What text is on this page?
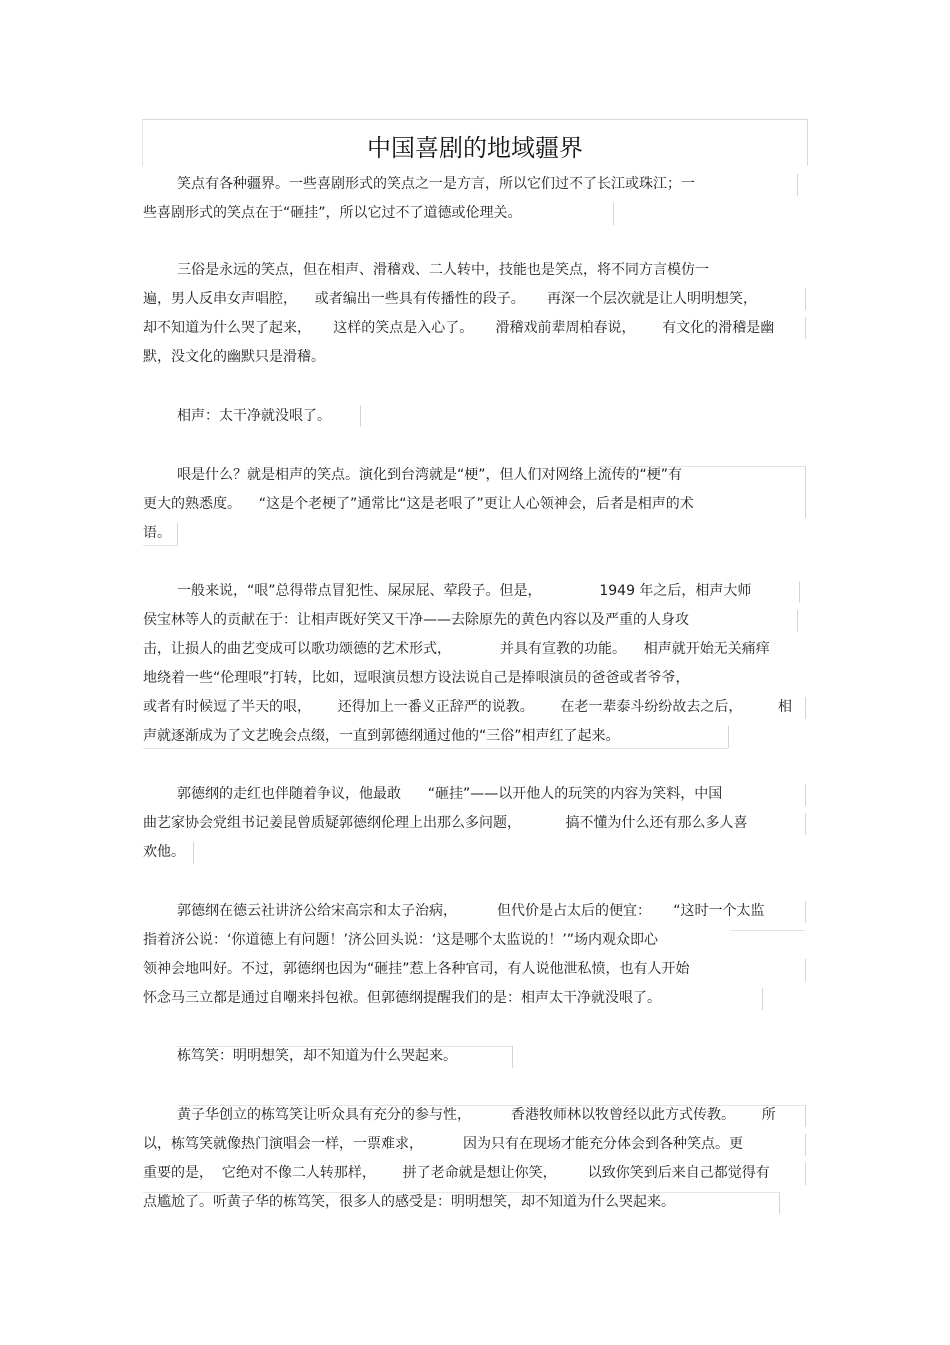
中国喜剧的地域疆界
笑点有各种疆界。一些喜剧形式的笑点之一是方言，所以它们过不了长江或珠江；一
些喜剧形式的笑点在于“砸挂”，所以它过不了道德或伦理关。
三俗是永远的笑点，但在相声、滑稽戏、二人转中，技能也是笑点，将不同方言模仿一
遍，男人反串女声唱腔，    或者编出一些具有传播性的段子。     再深一个层次就是让人明明想笑，
却不知道为什么哭了起来，     这样的笑点是入心了。     滑稽戏前辈周柏春说，      有文化的滑稽是幽
默，没文化的幽默只是滑稽。
相声：太干净就没哏了。
哏是什么？就是相声的笑点。演化到台湾就是“梗”，但人们对网络上流传的“梗”有
更大的熟悉度。    “这是个老梗了”通常比“这是老哏了”更让人心领神会，后者是相声的术
语。
一般来说，“哏”总得带点冒犯性、屎尿屁、荤段子。但是，             1949 年之后，相声大师
侯宝林等人的贡献在于：让相声既好笑又干净——去除原先的黄色内容以及严重的人身攻
击，让损人的曲艺变成可以歌功颂德的艺术形式，           并具有宣教的功能。    相声就开始无关痛痒
地绕着一些“伦理哏”打转，比如，逗哏演员想方设法说自己是捧哏演员的爸爸或者爷爷，
或者有时候逗了半天的哏，      还得加上一番义正辞严的说教。      在老一辈泰斗纷纷故去之后，        相
声就逐渐成为了文艺晚会点缀，一直到郭德纲通过他的“三俗”相声红了起来。
郭德纲的走红也伴随着争议，他最敢      “砸挂”——以开他人的玩笑的内容为笑料，中国
曲艺家协会党组书记姜昆曾质疑郭德纲伦理上出那么多问题，          搞不懂为什么还有那么多人喜
欢他。
郭德纲在德云社讲济公给宋高宗和太子治病，         但代价是占太后的便宜：     “这时一个太监
指着济公说：‘你道德上有问题！’济公回头说：‘这是哪个太监说的！’”场内观众即心
领神会地叫好。不过，郭德纲也因为“砸挂”惹上各种官司，有人说他泄私愤，也有人开始
怀念马三立都是通过自嘲来抖包袱。但郭德纲提醒我们的是：相声太干净就没哏了。
栋笃笑：明明想笑，却不知道为什么哭起来。
黄子华创立的栋笃笑让听众具有充分的参与性，         香港牧师林以牧曾经以此方式传教。      所
以，栋笃笑就像热门演唱会一样，一票难求，         因为只有在现场才能充分体会到各种笑点。更
重要的是，  它绝对不像二人转那样，      拼了老命就是想让你笑，       以致你笑到后来自己都觉得有
点尴尬了。听黄子华的栋笃笑，很多人的感受是：明明想笑，却不知道为什么哭起来。
